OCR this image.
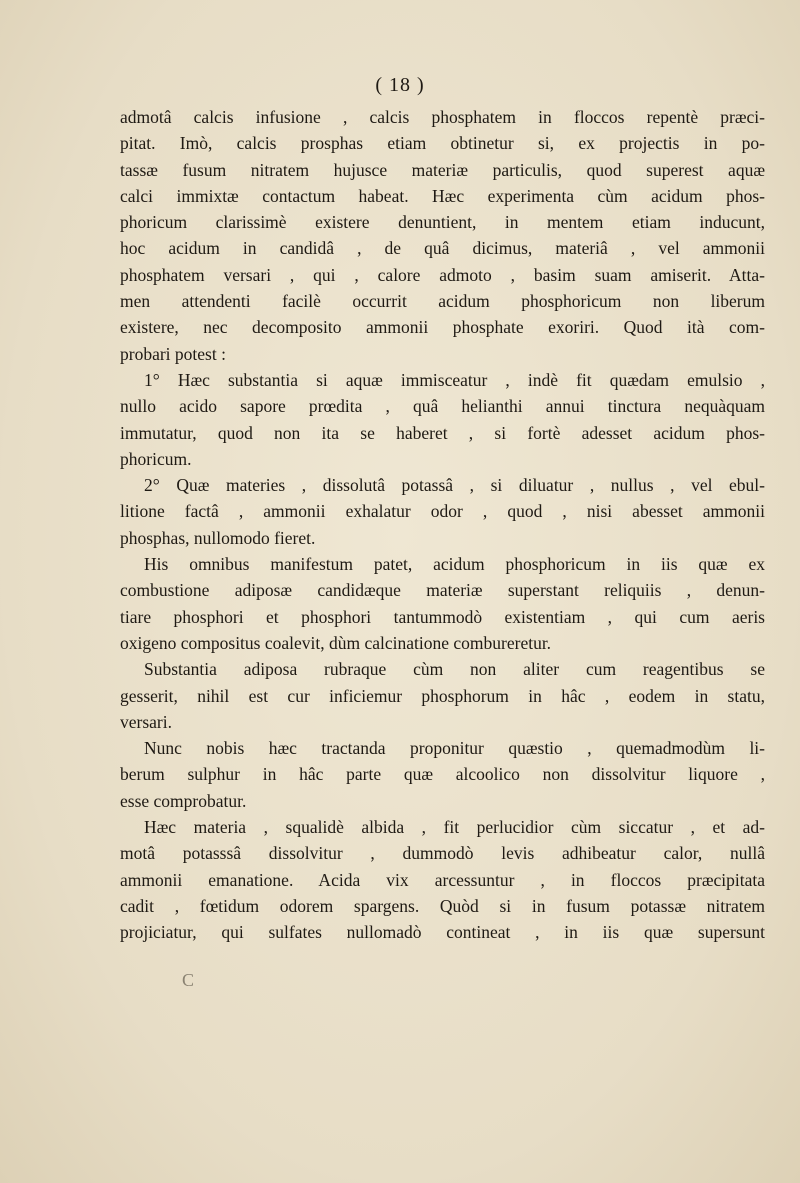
( 18 )
admotâ calcis infusione , calcis phosphatem in floccos repentè præci-
pitat. Imò, calcis prosphas etiam obtinetur si, ex projectis in po-
tassæ fusum nitratem hujusce materiæ particulis, quod superest aquæ
calci immixtæ contactum habeat. Hæc experimenta cùm acidum phos-
phoricum clarissimè existere denuntient, in mentem etiam inducunt,
hoc acidum in candidâ , de quâ dicimus, materiâ , vel ammonii
phosphatem versari , qui , calore admoto , basim suam amiserit. Atta-
men attendenti facilè occurrit acidum phosphoricum non liberum
existere, nec decomposito ammonii phosphate exoriri. Quod ità com-
probari potest :
1° Hæc substantia si aquæ immisceatur , indè fit quædam emulsio ,
nullo acido sapore prœdita , quâ helianthi annui tinctura nequàquam
immutatur, quod non ita se haberet , si fortè adesset acidum phos-
phoricum.
2° Quæ materies , dissolutâ potassâ , si diluatur , nullus , vel ebul-
litione factâ , ammonii exhalatur odor , quod , nisi abesset ammonii
phosphas, nullomodo fieret.
His omnibus manifestum patet, acidum phosphoricum in iis quæ ex
combustione adiposæ candidæque materiæ superstant reliquiis , denun-
tiare phosphori et phosphori tantummodò existentiam , qui cum aeris
oxigeno compositus coalevit, dùm calcinatione combureretur.
Substantia adiposa rubraque cùm non aliter cum reagentibus se
gesserit, nihil est cur inficiemur phosphorum in hâc , eodem in statu,
versari.
Nunc nobis hæc tractanda proponitur quæstio , quemadmodùm li-
berum sulphur in hâc parte quæ alcoolico non dissolvitur liquore ,
esse comprobatur.
Hæc materia , squalidè albida , fit perlucidior cùm siccatur , et ad-
motâ potasssâ dissolvitur , dummodò levis adhibeatur calor, nullâ
ammonii emanatione. Acida vix arcessuntur , in floccos præcipitata
cadit , fœtidum odorem spargens. Quòd si in fusum potassæ nitratem
projiciatur, qui sulfates nullomadò contineat , in iis quæ supersunt
C
